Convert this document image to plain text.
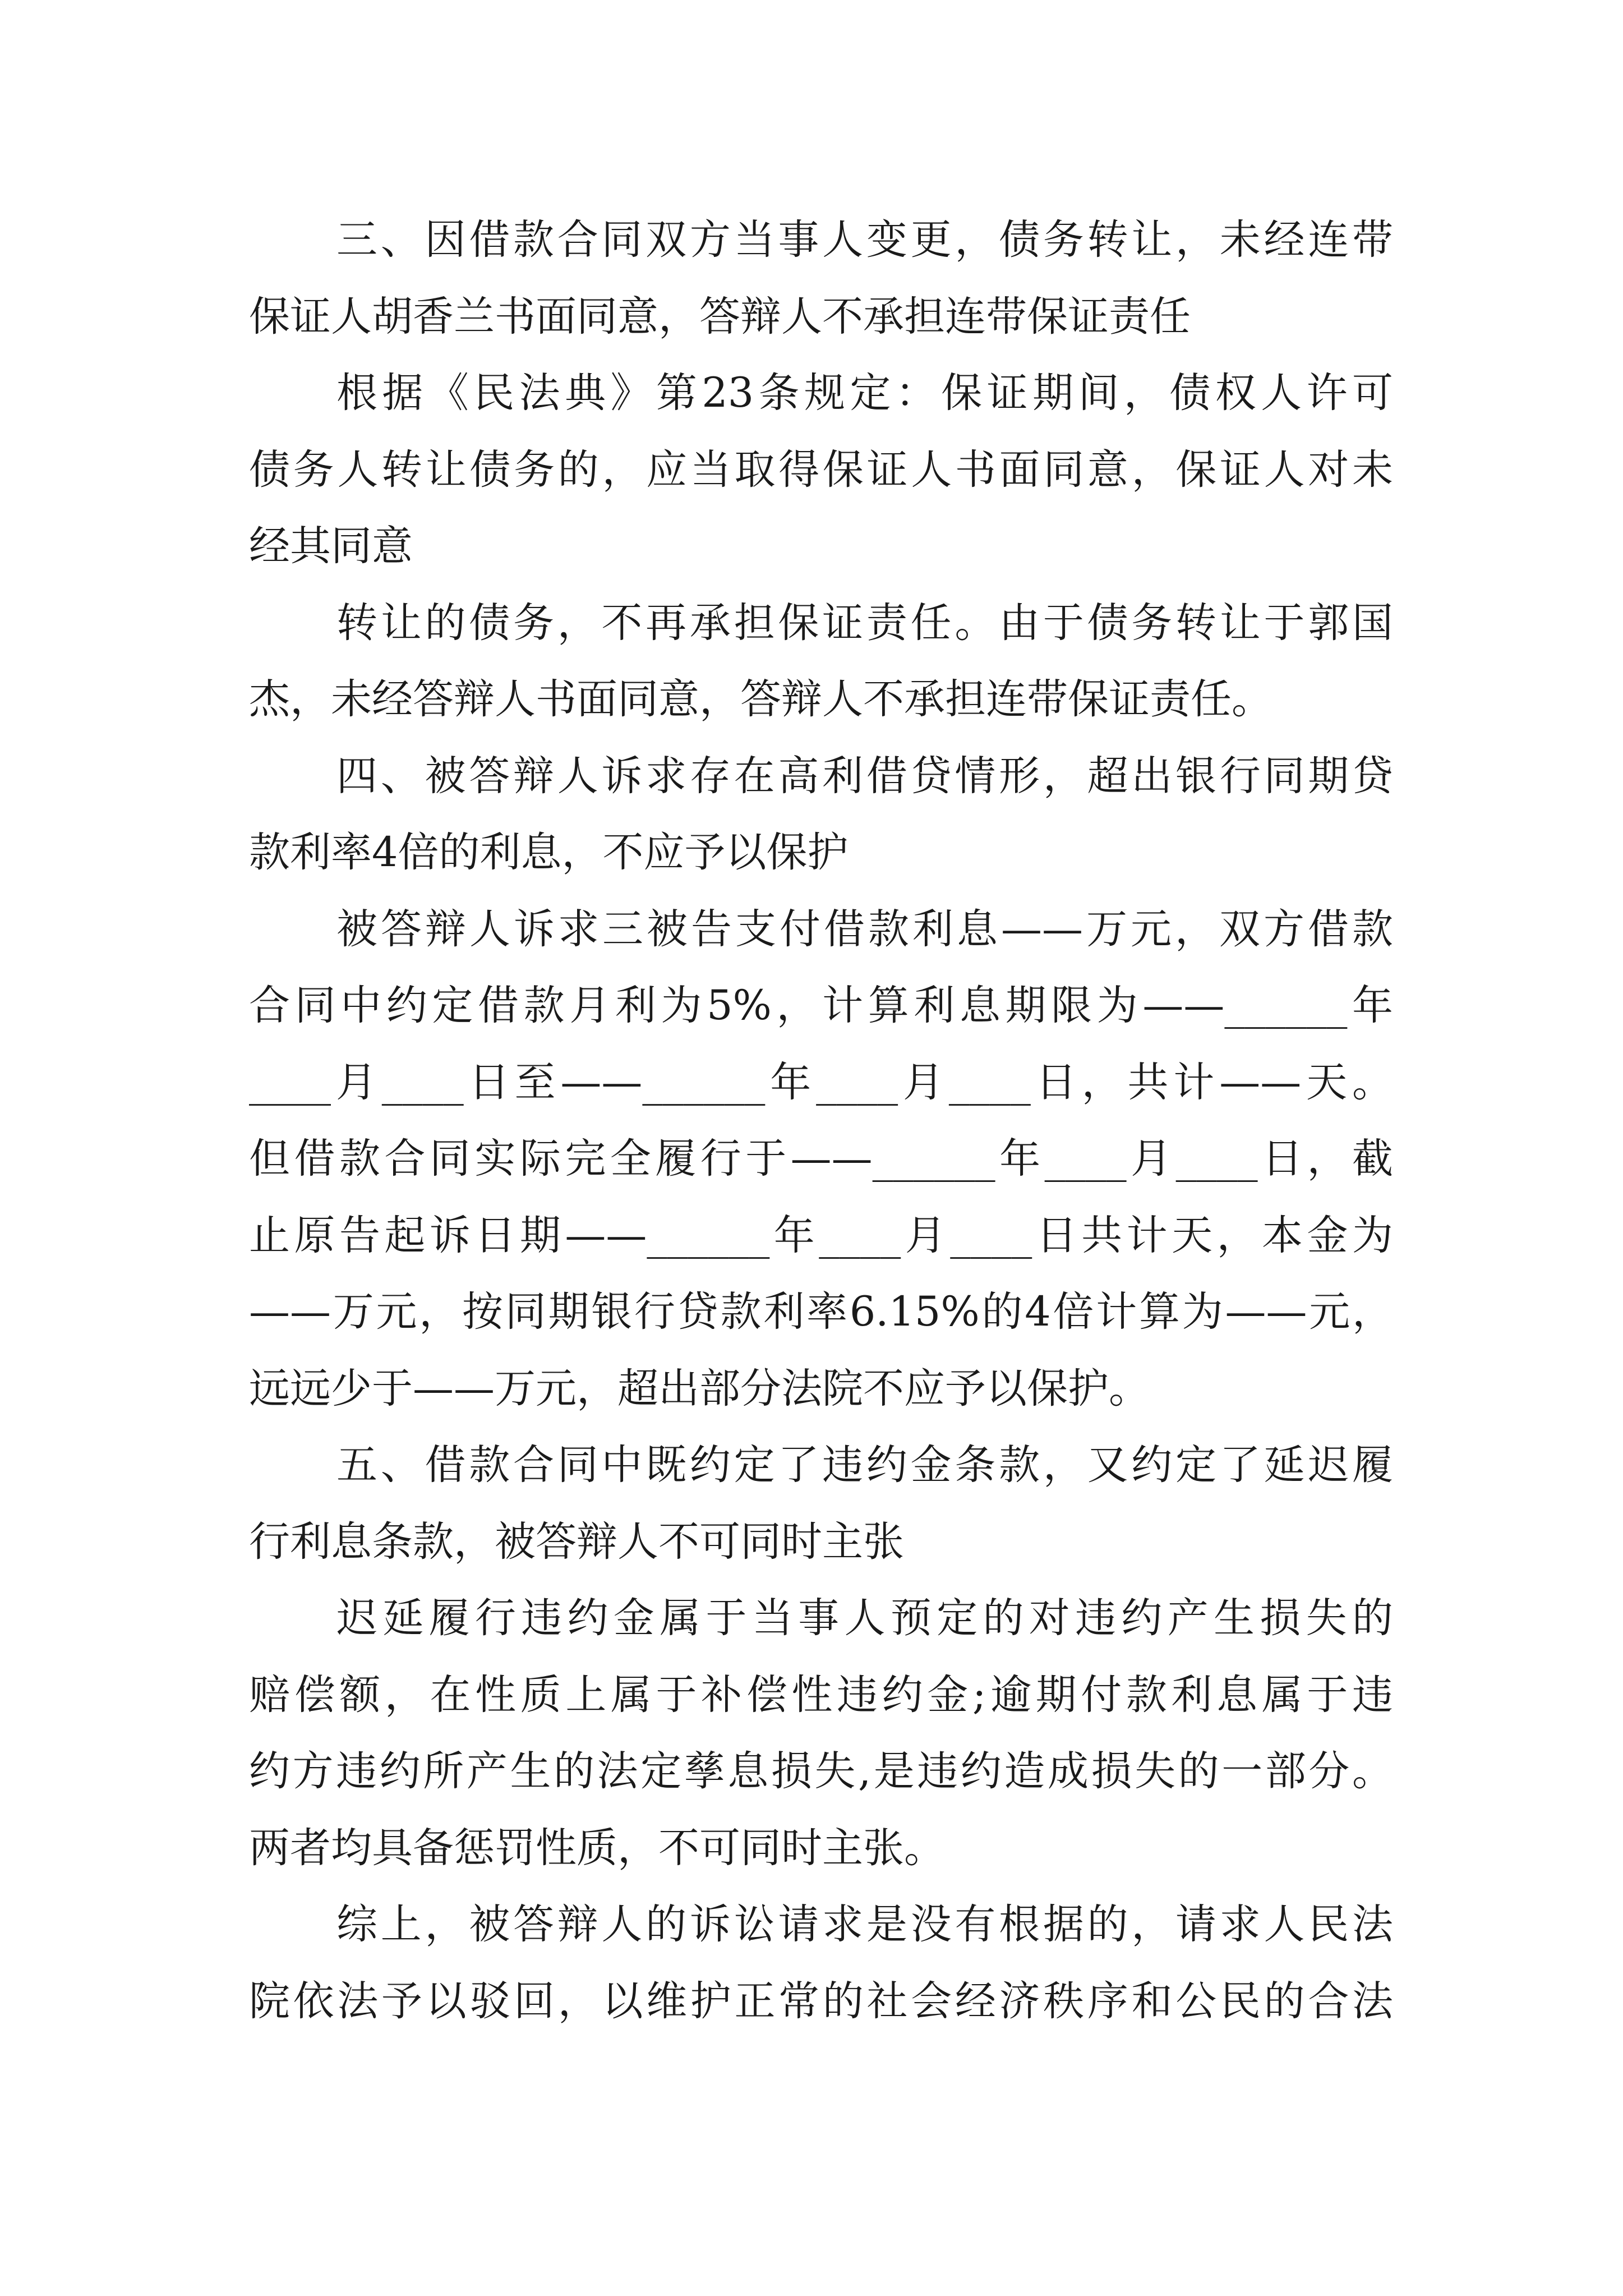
三、因借款合同双方当事人变更，债务转让，未经连带
保证人胡香兰书面同意，答辩人不承担连带保证责任
根据《民法典》第23条规定：保证期间，债权人许可
债务人转让债务的，应当取得保证人书面同意，保证人对未
经其同意
转让的债务，不再承担保证责任。由于债务转让于郭国
杰，未经答辩人书面同意，答辩人不承担连带保证责任。
四、被答辩人诉求存在高利借贷情形，超出银行同期贷
款利率4倍的利息，不应予以保护
被答辩人诉求三被告支付借款利息——万元，双方借款
合同中约定借款月利为5%，计算利息期限为——______年
____月____日至——______年____月____日，共计——天。
但借款合同实际完全履行于——______年____月____日，截
止原告起诉日期——______年____月____日共计天，本金为
——万元，按同期银行贷款利率6.15%的4倍计算为——元，
远远少于——万元，超出部分法院不应予以保护。
五、借款合同中既约定了违约金条款，又约定了延迟履
行利息条款，被答辩人不可同时主张
迟延履行违约金属于当事人预定的对违约产生损失的
赔偿额，在性质上属于补偿性违约金;逾期付款利息属于违
约方违约所产生的法定孳息损失,是违约造成损失的一部分。
两者均具备惩罚性质，不可同时主张。
综上，被答辩人的诉讼请求是没有根据的，请求人民法
院依法予以驳回，以维护正常的社会经济秩序和公民的合法
